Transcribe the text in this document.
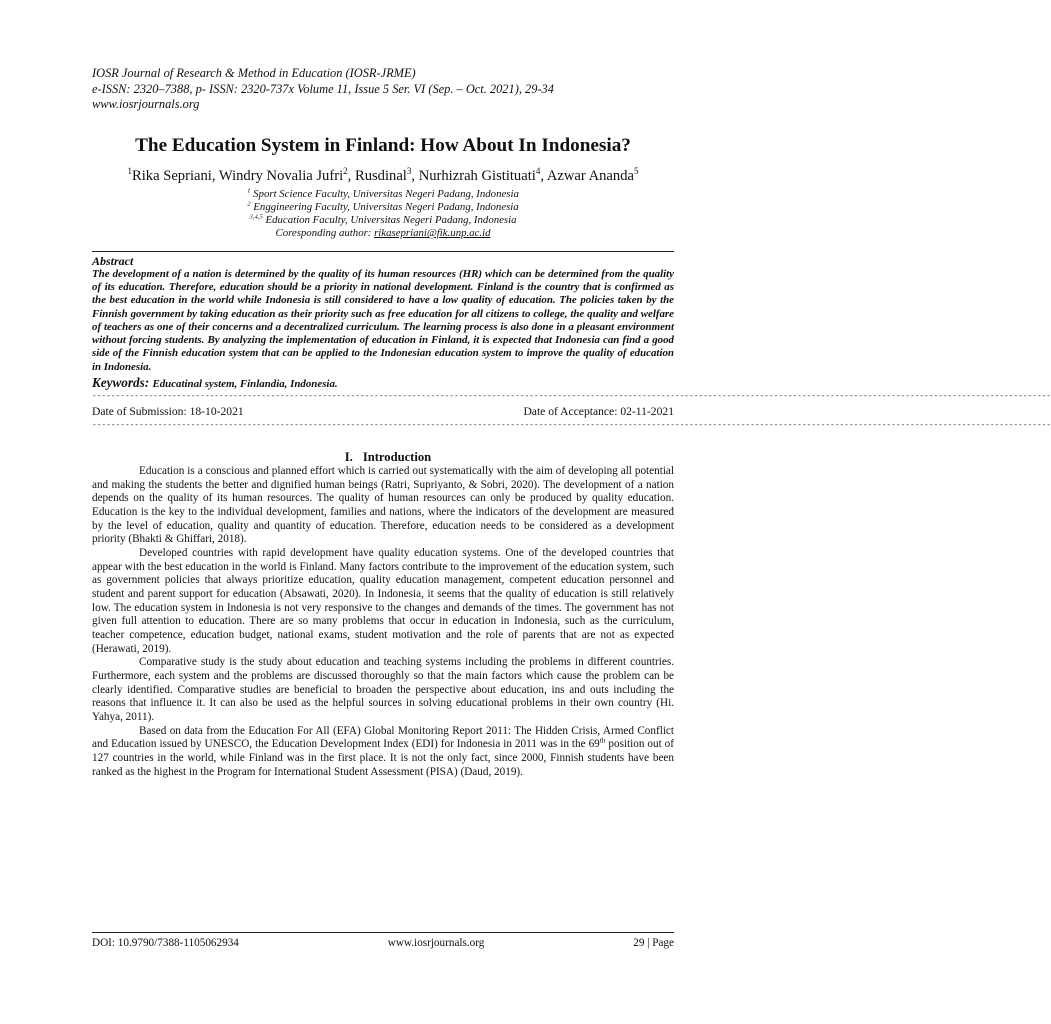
IOSR Journal of Research & Method in Education (IOSR-JRME)
e-ISSN: 2320–7388, p- ISSN: 2320-737x Volume 11, Issue 5 Ser. VI (Sep. – Oct. 2021), 29-34
www.iosrjournals.org
The Education System in Finland: How About In Indonesia?
$^1$Rika Sepriani, Windry Novalia Jufri$^2$, Rusdinal$^3$, Nurhizrah Gistituati$^4$, Azwar Ananda$^5$
$^1$ Sport Science Faculty, Universitas Negeri Padang, Indonesia
$^2$ Enggineering Faculty, Universitas Negeri Padang, Indonesia
$^{3,4,5}$ Education Faculty, Universitas Negeri Padang, Indonesia
Coresponding author: rikasepriani@fik.unp.ac.id
Abstract
The development of a nation is determined by the quality of its human resources (HR) which can be determined from the quality of its education. Therefore, education should be a priority in national development. Finland is the country that is confirmed as the best education in the world while Indonesia is still considered to have a low quality of education. The policies taken by the Finnish government by taking education as their priority such as free education for all citizens to college, the quality and welfare of teachers as one of their concerns and a decentralized curriculum. The learning process is also done in a pleasant environment without forcing students. By analyzing the implementation of education in Finland, it is expected that Indonesia can find a good side of the Finnish education system that can be applied to the Indonesian education system to improve the quality of education in Indonesia.
Keywords: Educatinal system, Finlandia, Indonesia.
------------------------------------------------------------------------------------------------------------------------------------------------------------------------------------------------------------
Date of Submission: 18-10-2021	Date of Acceptance: 02-11-2021
------------------------------------------------------------------------------------------------------------------------------------------------------------------------------------------------------------
I. Introduction

Education is a conscious and planned effort which is carried out systematically with the aim of developing all potential and making the students the better and dignified human beings (Ratri, Supriyanto, & Sobri, 2020). The development of a nation depends on the quality of its human resources. The quality of human resources can only be produced by quality education. Education is the key to the individual development, families and nations, where the indicators of the development are measured by the level of education, quality and quantity of education. Therefore, education needs to be considered as a development priority (Bhakti & Ghiffari, 2018).

Developed countries with rapid development have quality education systems. One of the developed countries that appear with the best education in the world is Finland. Many factors contribute to the improvement of the education system, such as government policies that always prioritize education, quality education management, competent education personnel and student and parent support for education (Absawati, 2020). In Indonesia, it seems that the quality of education is still relatively low. The education system in Indonesia is not very responsive to the changes and demands of the times. The government has not given full attention to education. There are so many problems that occur in education in Indonesia, such as the curriculum, teacher competence, education budget, national exams, student motivation and the role of parents that are not as expected (Herawati, 2019).

Comparative study is the study about education and teaching systems including the problems in different countries. Furthermore, each system and the problems are discussed thoroughly so that the main factors which cause the problem can be clearly identified. Comparative studies are beneficial to broaden the perspective about education, ins and outs including the reasons that influence it. It can also be used as the helpful sources in solving educational problems in their own country (Hi. Yahya, 2011).

Based on data from the Education For All (EFA) Global Monitoring Report 2011: The Hidden Crisis, Armed Conflict and Education issued by UNESCO, the Education Development Index (EDI) for Indonesia in 2011 was in the 69th position out of 127 countries in the world, while Finland was in the first place. It is not the only fact, since 2000, Finnish students have been ranked as the highest in the Program for International Student Assessment (PISA) (Daud, 2019).

DOI: 10.9790/7388-1105062934	www.iosrjournals.org	29 | Page
